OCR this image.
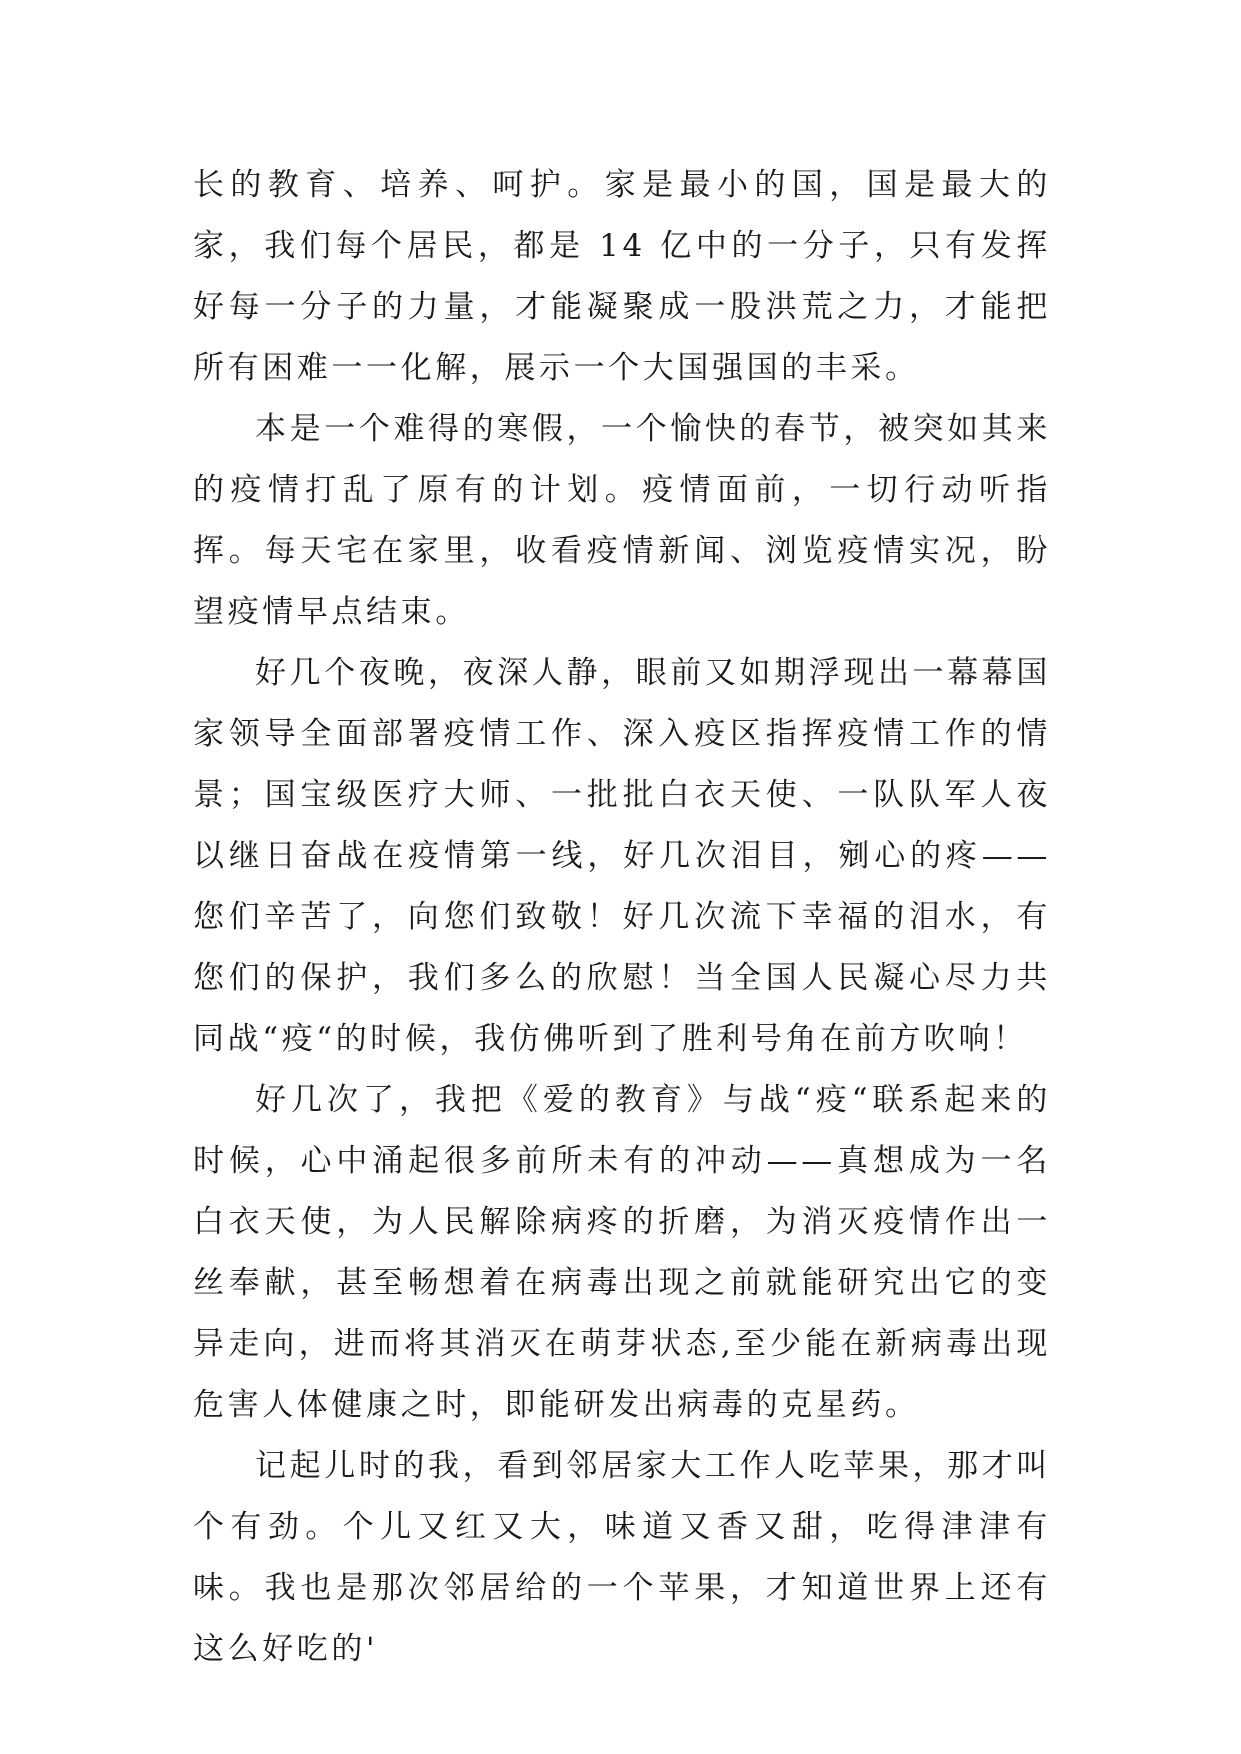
长的教育、培养、呵护。家是最小的国，国是最大的家，我们每个居民，都是 14 亿中的一分子，只有发挥好每一分子的力量，才能凝聚成一股洪荒之力，才能把所有困难一一化解，展示一个大国强国的丰采。

本是一个难得的寒假，一个愉快的春节，被突如其来的疫情打乱了原有的计划。疫情面前，一切行动听指挥。每天宅在家里，收看疫情新闻、浏览疫情实况，盼望疫情早点结束。

好几个夜晚，夜深人静，眼前又如期浮现出一幕幕国家领导全面部署疫情工作、深入疫区指挥疫情工作的情景；国宝级医疗大师、一批批白衣天使、一队队军人夜以继日奋战在疫情第一线，好几次泪目，剜心的疼——您们辛苦了，向您们致敬！好几次流下幸福的泪水，有您们的保护，我们多么的欣慰！当全国人民凝心尽力共同战“疫“的时候，我仿佛听到了胜利号角在前方吹响！

好几次了，我把《爱的教育》与战“疫“联系起来的时候，心中涌起很多前所未有的冲动——真想成为一名白衣天使，为人民解除病疼的折磨，为消灭疫情作出一丝奉献，甚至畅想着在病毒出现之前就能研究出它的变异走向，进而将其消灭在萌芽状态,至少能在新病毒出现危害人体健康之时，即能研发出病毒的克星药。

记起儿时的我，看到邻居家大工作人吃苹果，那才叫个有劲。个儿又红又大，味道又香又甜，吃得津津有味。我也是那次邻居给的一个苹果，才知道世界上还有这么好吃的'
